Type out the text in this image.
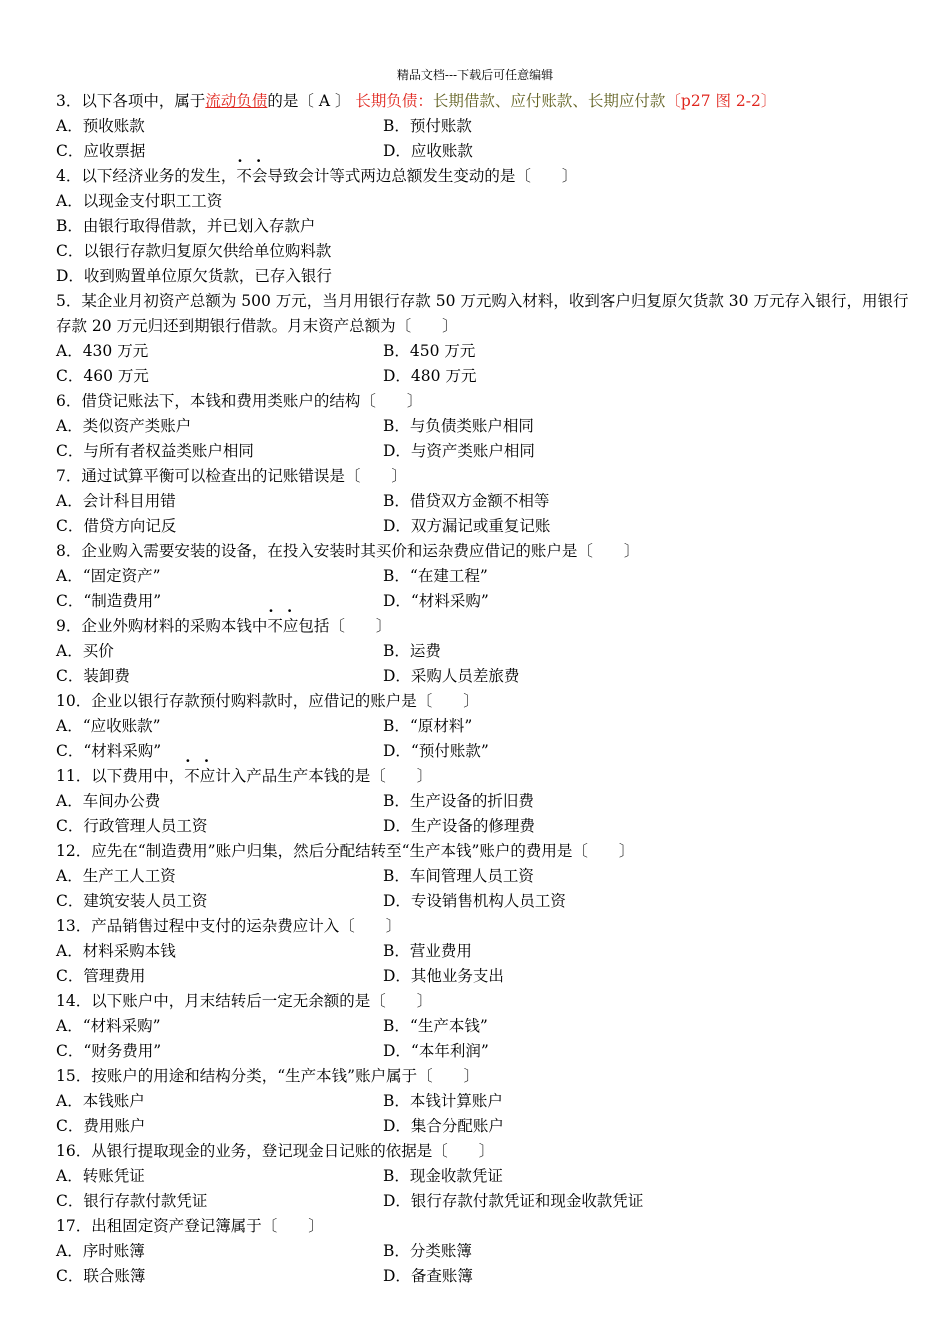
精品文档---下载后可任意编辑
3．以下各项中，属于流动负债的是〔 A 〕 长期负债：长期借款、应付账款、长期应付款〔p27 图 2-2〕
A．预收账款	B．预付账款
C．应收票据	D．应收账款
4．以下经济业务的发生，· · 不会导致会计等式两边总额发生变动的是〔　　〕
A．以现金支付职工工资
B．由银行取得借款，并已划入存款户
C．以银行存款归复原欠供给单位购料款
D．收到购置单位原欠货款，已存入银行
5．某企业月初资产总额为 500 万元，当月用银行存款 50 万元购入材料，收到客户归复原欠货款 30 万元存入银行，用银行存款 20 万元归还到期银行借款。月末资产总额为〔　　〕
A．430 万元	B．450 万元
C．460 万元	D．480 万元
6．借贷记账法下，本钱和费用类账户的结构〔　　〕
A．类似资产类账户	B．与负债类账户相同
C．与所有者权益类账户相同	D．与资产类账户相同
7．通过试算平衡可以检查出的记账错误是〔　　〕
A．会计科目用错	B．借贷双方金额不相等
C．借贷方向记反	D．双方漏记或重复记账
8．企业购入需要安装的设备，在投入安装时其买价和运杂费应借记的账户是〔　　〕
A．“固定资产”	B．“在建工程”
C．“制造费用”	D．“材料采购”
9．企业外购材料的采购本钱中· · 不应包括〔　　〕
A．买价	B．运费
C．装卸费	D．采购人员差旅费
10．企业以银行存款预付购料款时，应借记的账户是〔　　〕
A．“应收账款”	B．“原材料”
C．“材料采购”	D．“预付账款”
11．以下费用中，· · 不应计入产品生产本钱的是〔　　〕
A．车间办公费	B．生产设备的折旧费
C．行政管理人员工资	D．生产设备的修理费
12．应先在“制造费用”账户归集，然后分配结转至“生产本钱”账户的费用是〔　　〕
A．生产工人工资	B．车间管理人员工资
C．建筑安装人员工资	D．专设销售机构人员工资
13．产品销售过程中支付的运杂费应计入〔　　〕
A．材料采购本钱	B．营业费用
C．管理费用	D．其他业务支出
14．以下账户中，月末结转后一定无余额的是〔　　〕
A．“材料采购”	B．“生产本钱”
C．“财务费用”	D．“本年利润”
15．按账户的用途和结构分类，“生产本钱”账户属于〔　　〕
A．本钱账户	B．本钱计算账户
C．费用账户	D．集合分配账户
16．从银行提取现金的业务，登记现金日记账的依据是〔　　〕
A．转账凭证	B．现金收款凭证
C．银行存款付款凭证	D．银行存款付款凭证和现金收款凭证
17．出租固定资产登记簿属于〔　　〕
A．序时账簿	B．分类账簿
C．联合账簿	D．备查账簿
